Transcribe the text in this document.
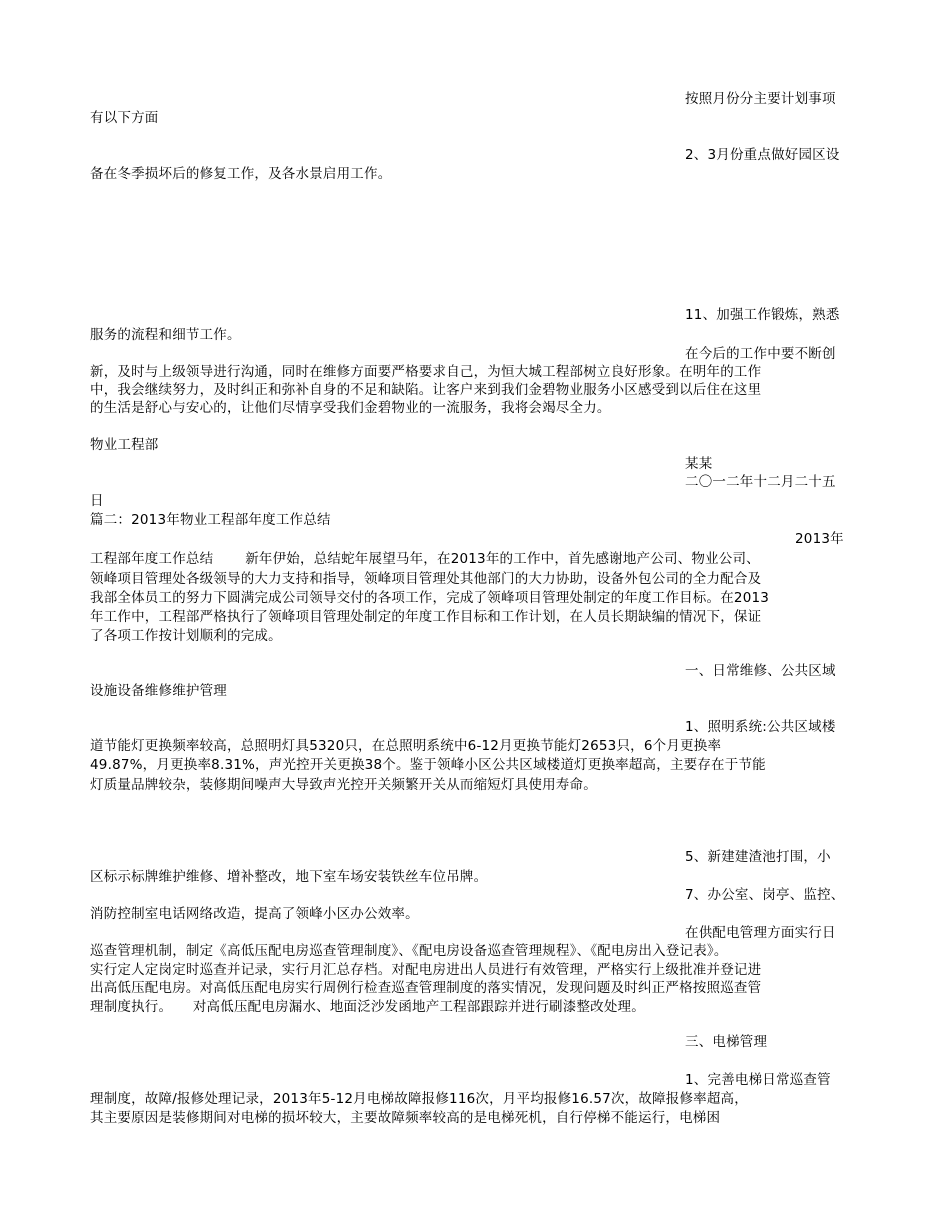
按照月份分主要计划事项

有以下方面

2、3月份重点做好园区设

备在冬季损坏后的修复工作，及各水景启用工作。

11、加强工作锻炼，熟悉

服务的流程和细节工作。

在今后的工作中要不断创

新，及时与上级领导进行沟通，同时在维修方面要严格要求自己，为恒大城工程部树立良好形象。在明年的工作

中，我会继续努力，及时纠正和弥补自身的不足和缺陷。让客户来到我们金碧物业服务小区感受到以后住在这里

的生活是舒心与安心的，让他们尽情享受我们金碧物业的一流服务，我将会竭尽全力。

物业工程部

某某

二〇一二年十二月二十五

日

篇二：2013年物业工程部年度工作总结

2013年

工程部年度工作总结　　 新年伊始，总结蛇年展望马年，在2013年的工作中，首先感谢地产公司、物业公司、

领峰项目管理处各级领导的大力支持和指导，领峰项目管理处其他部门的大力协助，设备外包公司的全力配合及

我部全体员工的努力下圆满完成公司领导交付的各项工作，完成了领峰项目管理处制定的年度工作目标。在2013

年工作中，工程部严格执行了领峰项目管理处制定的年度工作目标和工作计划，在人员长期缺编的情况下，保证

了各项工作按计划顺利的完成。

一、日常维修、公共区域

设施设备维修维护管理

1、照明系统:公共区域楼

道节能灯更换频率较高，总照明灯具5320只，在总照明系统中6-12月更换节能灯2653只，6个月更换率

49.87%，月更换率8.31%，声光控开关更换38个。鉴于领峰小区公共区域楼道灯更换率超高，主要存在于节能

灯质量品牌较杂，装修期间噪声大导致声光控开关频繁开关从而缩短灯具使用寿命。

5、新建建渣池打围，小

区标示标牌维护维修、增补整改，地下室车场安装铁丝车位吊牌。

7、办公室、岗亭、监控、

消防控制室电话网络改造，提高了领峰小区办公效率。

在供配电管理方面实行日

巡查管理机制，制定《高低压配电房巡查管理制度》、《配电房设备巡查管理规程》、《配电房出入登记表》。

实行定人定岗定时巡查并记录，实行月汇总存档。对配电房进出人员进行有效管理，严格实行上级批准并登记进

出高低压配电房。对高低压配电房实行周例行检查巡查管理制度的落实情况，发现问题及时纠正严格按照巡查管

理制度执行。　　对高低压配电房漏水、地面泛沙发函地产工程部跟踪并进行刷漆整改处理。

三、电梯管理

1、完善电梯日常巡查管

理制度，故障/报修处理记录，2013年5-12月电梯故障报修116次，月平均报修16.57次，故障报修率超高，

其主要原因是装修期间对电梯的损坏较大，主要故障频率较高的是电梯死机，自行停梯不能运行，电梯困
